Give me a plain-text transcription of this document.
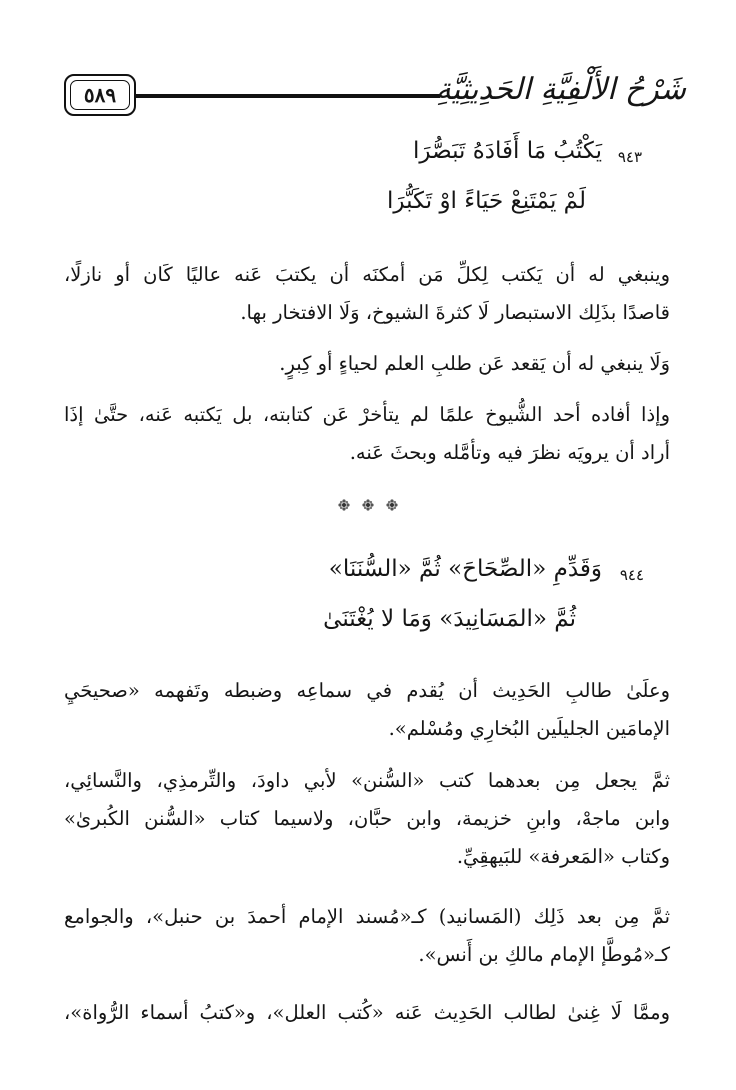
٥٨٩	شَرْحُ الأَلْفِيَّةِ الحَدِيثِيَّةِ
٩٤٣
يَكْتُبُ مَا أَفَادَهُ تَبَصُّرَا
لَمْ يَمْتَنِعْ حَيَاءً اوْ تَكَبُّرَا
وينبغي له أن يَكتب لِكلِّ مَن أمكنَه أن يكتبَ عَنه عاليًا كَان أو نازلًا،
قاصدًا بذَلِك الاستبصار لَا كثرةَ الشيوخ، وَلَا الافتخار بها.
وَلَا ينبغي له أن يَقعد عَن طلبِ العلم لحياءٍ أو كِبرٍ.
وإذا أفاده أحد الشُّيوخ علمًا لم يتأخرْ عَن كتابته، بل يَكتبه عَنه، حتَّىٰ إذَا
أراد أن يرويَه نظرَ فيه وتأمَّله وبحثَ عَنه.
٩٤٤
وَقَدِّمِ «الصِّحَاحَ» ثُمَّ «السُّنَنَا»
ثُمَّ «المَسَانِيدَ» وَمَا لا يُغْتَنَىٰ
وعلَىٰ طالبِ الحَدِيث أن يُقدم في سماعِه وضبطه وتَفهمه «صحيحَيِ
الإمامَين الجليلَين البُخارِي ومُسْلم».
ثمَّ يجعل مِن بعدهما كتب «السُّنن» لأبي داودَ، والتِّرمذِي، والنَّسائِي،
وابن ماجهْ، وابنِ خزيمة، وابن حبَّان، ولاسيما كتاب «السُّنن الكُبرىٰ»
وكتاب «المَعرفة» للبَيهقِيِّ.
ثمَّ مِن بعد ذَلِك (المَسانيد) كـ«مُسند الإمام أحمدَ بن حنبل»، والجوامع
كـ«مُوطَّإ الإمام مالكِ بن أَنس».
وممَّا لَا غِنىٰ لطالب الحَدِيث عَنه «كُتب العلل»، و«كتبُ أسماء الرُّواة»،
